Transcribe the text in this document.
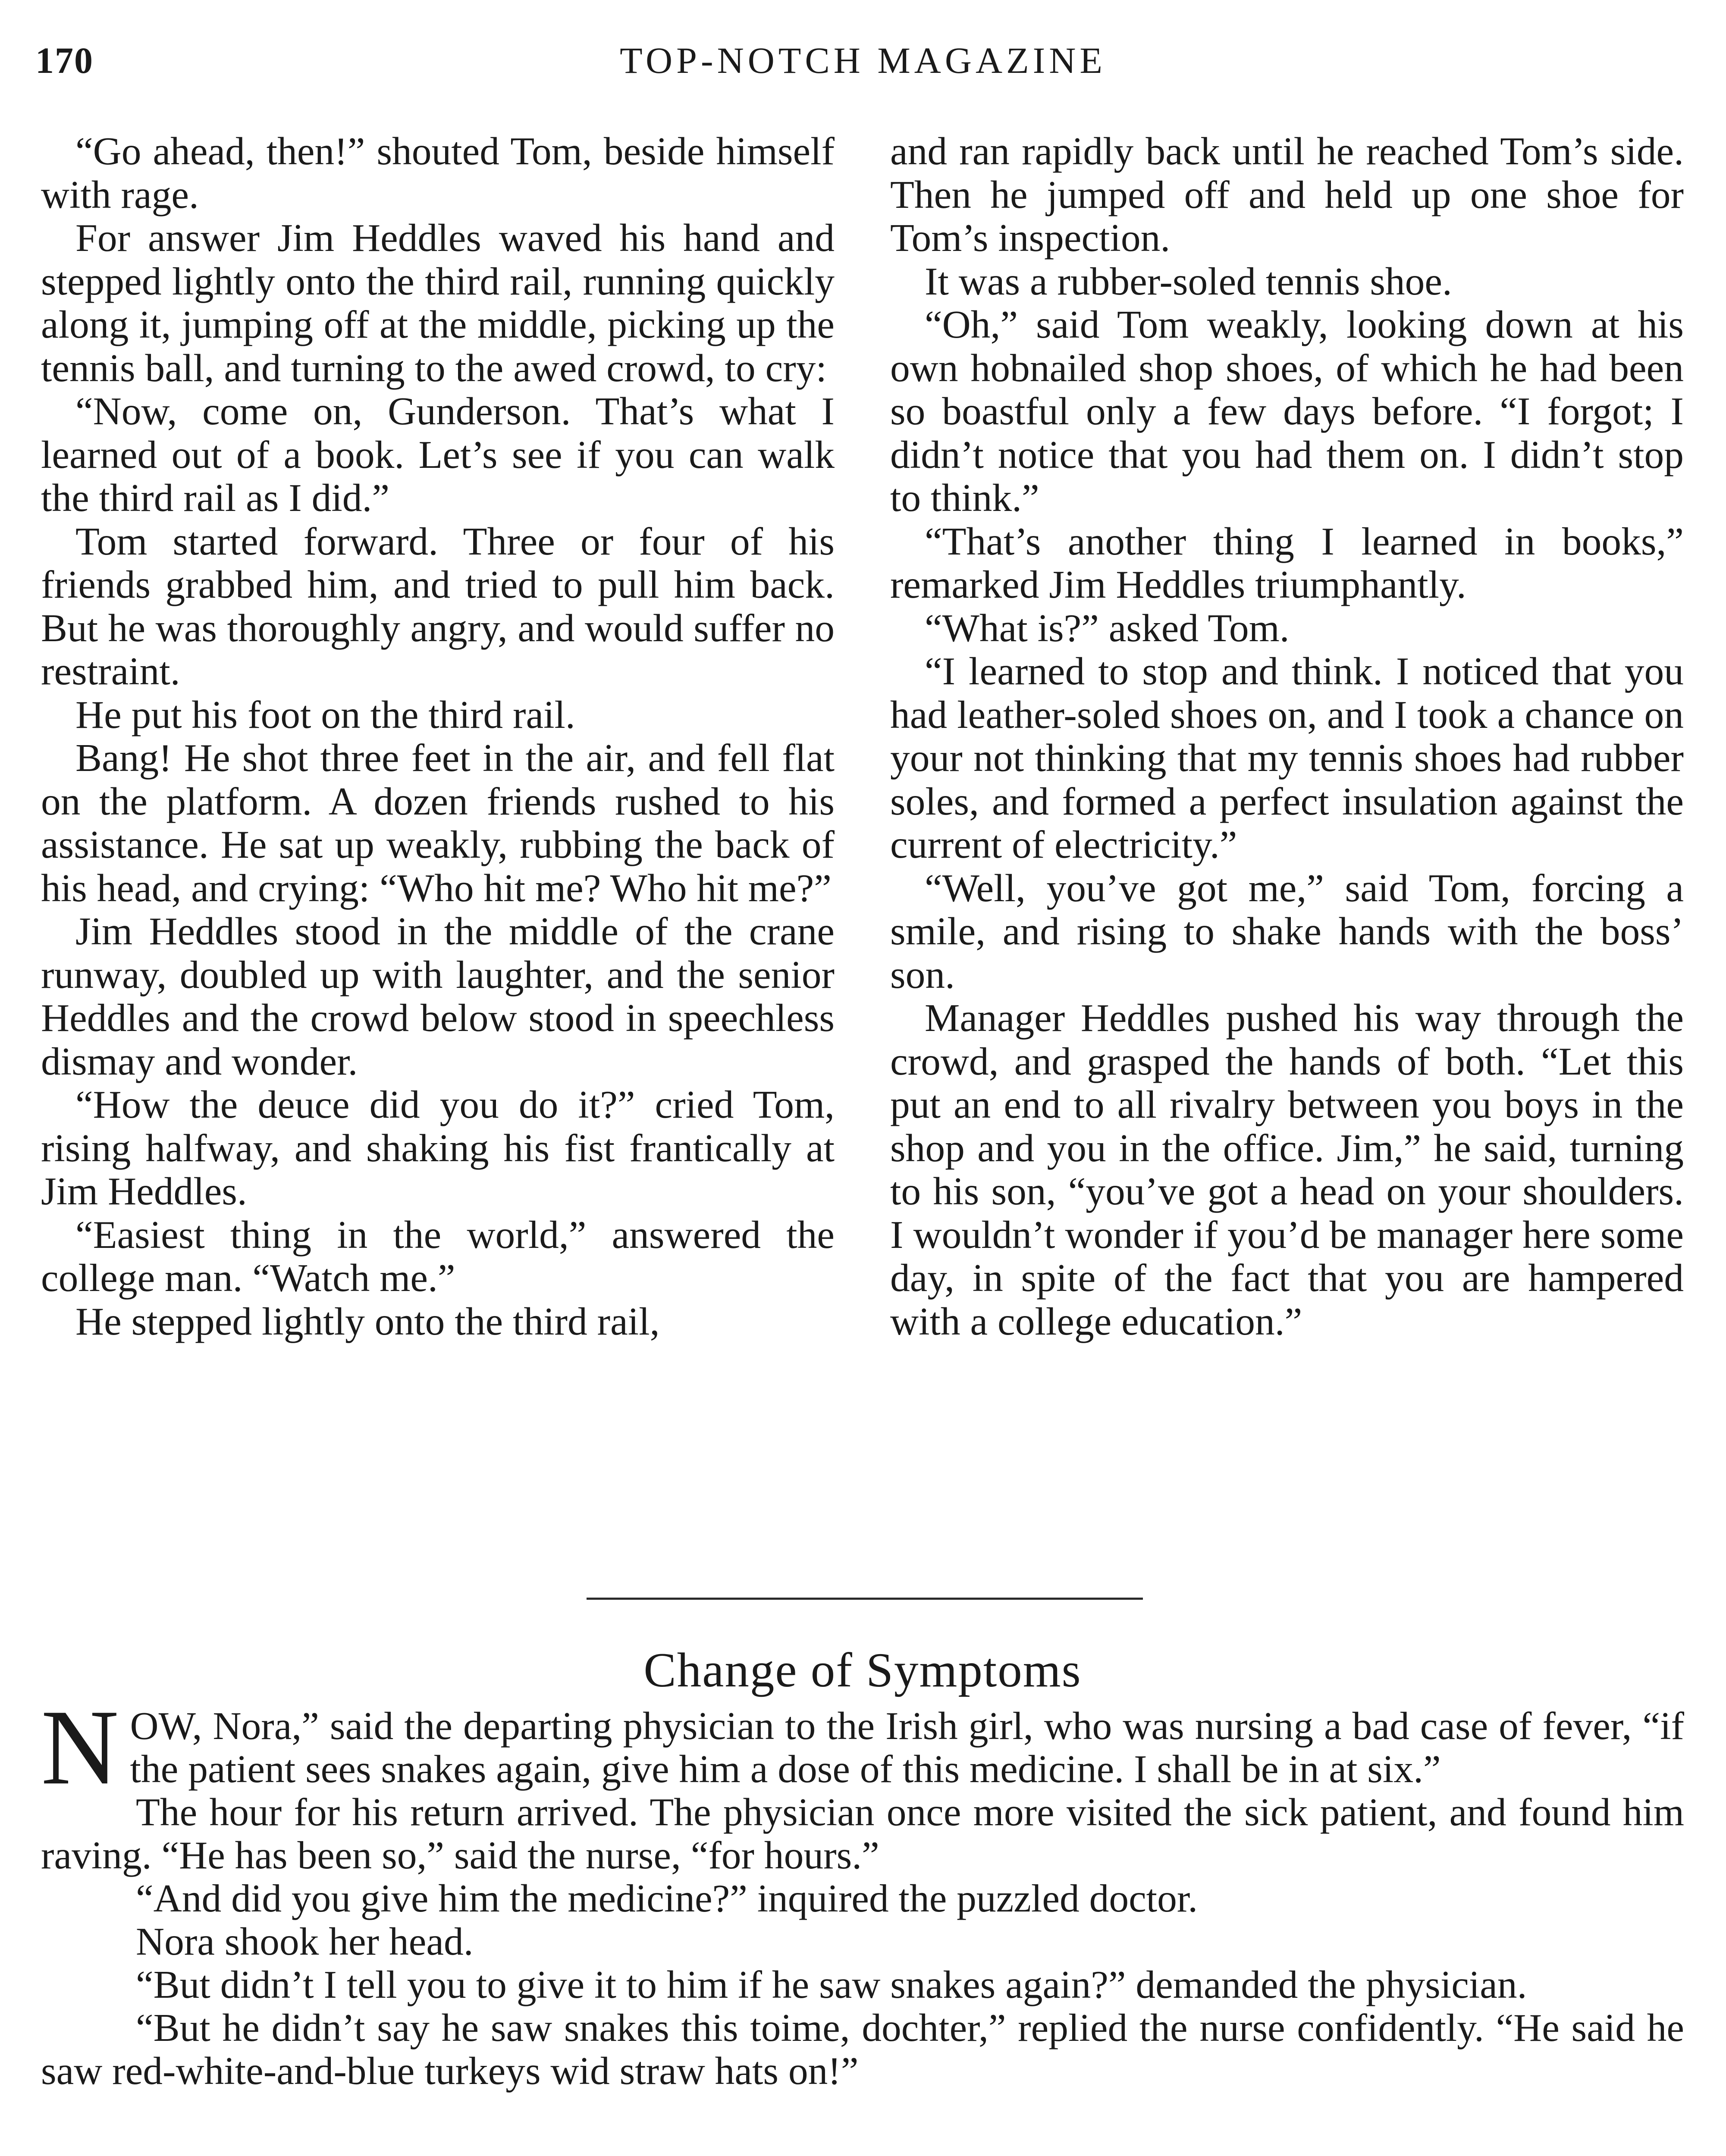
170	TOP-NOTCH MAGAZINE

“Go ahead, then!” shouted Tom, beside himself with rage.

For answer Jim Heddles waved his hand and stepped lightly onto the third rail, running quickly along it, jumping off at the middle, picking up the tennis ball, and turning to the awed crowd, to cry:

“Now, come on, Gunderson. That’s what I learned out of a book. Let’s see if you can walk the third rail as I did.”

Tom started forward. Three or four of his friends grabbed him, and tried to pull him back. But he was thoroughly angry, and would suffer no restraint.

He put his foot on the third rail.

Bang! He shot three feet in the air, and fell flat on the platform. A dozen friends rushed to his assistance. He sat up weakly, rubbing the back of his head, and crying: “Who hit me? Who hit me?”

Jim Heddles stood in the middle of the crane runway, doubled up with laughter, and the senior Heddles and the crowd below stood in speechless dismay and wonder.

“How the deuce did you do it?” cried Tom, rising halfway, and shaking his fist frantically at Jim Heddles.

“Easiest thing in the world,” answered the college man. “Watch me.”

He stepped lightly onto the third rail,

and ran rapidly back until he reached Tom’s side. Then he jumped off and held up one shoe for Tom’s inspection.

It was a rubber-soled tennis shoe.

“Oh,” said Tom weakly, looking down at his own hobnailed shop shoes, of which he had been so boastful only a few days before. “I forgot; I didn’t notice that you had them on. I didn’t stop to think.”

“That’s another thing I learned in books,” remarked Jim Heddles triumphantly.

“What is?” asked Tom.

“I learned to stop and think. I noticed that you had leather-soled shoes on, and I took a chance on your not thinking that my tennis shoes had rubber soles, and formed a perfect insulation against the current of electricity.”

“Well, you’ve got me,” said Tom, forcing a smile, and rising to shake hands with the boss’ son.

Manager Heddles pushed his way through the crowd, and grasped the hands of both. “Let this put an end to all rivalry between you boys in the shop and you in the office. Jim,” he said, turning to his son, “you’ve got a head on your shoulders. I wouldn’t wonder if you’d be manager here some day, in spite of the fact that you are hampered with a college education.”

Change of Symptoms

N OW, Nora,” said the departing physician to the Irish girl, who was nursing a bad case of fever, “if the patient sees snakes again, give him a dose of this medicine. I shall be in at six.”

The hour for his return arrived. The physician once more visited the sick patient, and found him raving. “He has been so,” said the nurse, “for hours.”

“And did you give him the medicine?” inquired the puzzled doctor.

Nora shook her head.

“But didn’t I tell you to give it to him if he saw snakes again?” demanded the physician.

“But he didn’t say he saw snakes this toime, dochter,” replied the nurse confidently. “He said he saw red-white-and-blue turkeys wid straw hats on!”
